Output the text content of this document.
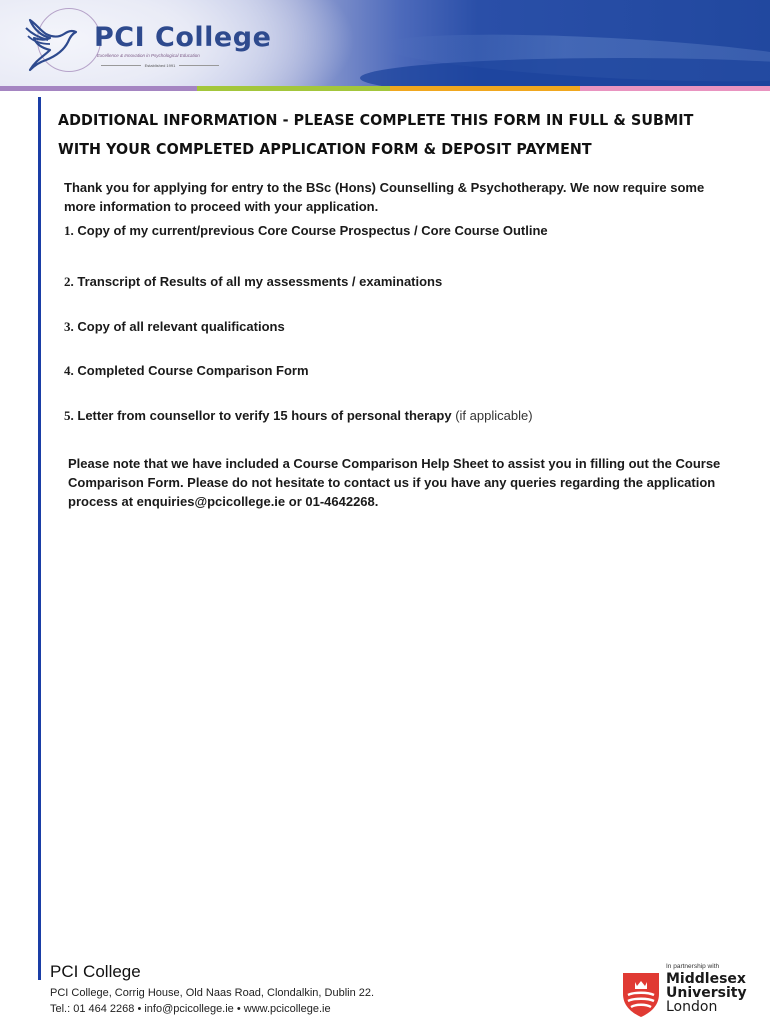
PCI College
Excellence & Innovation in Psychological Education
Established 1991
ADDITIONAL INFORMATION - PLEASE COMPLETE THIS FORM IN FULL & SUBMIT
WITH YOUR COMPLETED APPLICATION FORM & DEPOSIT PAYMENT
Thank you for applying for entry to the BSc (Hons) Counselling & Psychotherapy. We now require some more information to proceed with your application.
1. Copy of my current/previous Core Course Prospectus / Core Course Outline
2. Transcript of Results of all my assessments / examinations
3. Copy of all relevant qualifications
4. Completed Course Comparison Form
5. Letter from counsellor to verify 15 hours of personal therapy (if applicable)
Please note that we have included a Course Comparison Help Sheet to assist you in filling out the Course Comparison Form. Please do not hesitate to contact us if you have any queries regarding the application process at enquiries@pcicollege.ie or 01-4642268.
PCI College
PCI College, Corrig House, Old Naas Road, Clondalkin, Dublin 22.
Tel.: 01 464 2268 • info@pcicollege.ie • www.pcicollege.ie
In partnership with
Middlesex
University
London
